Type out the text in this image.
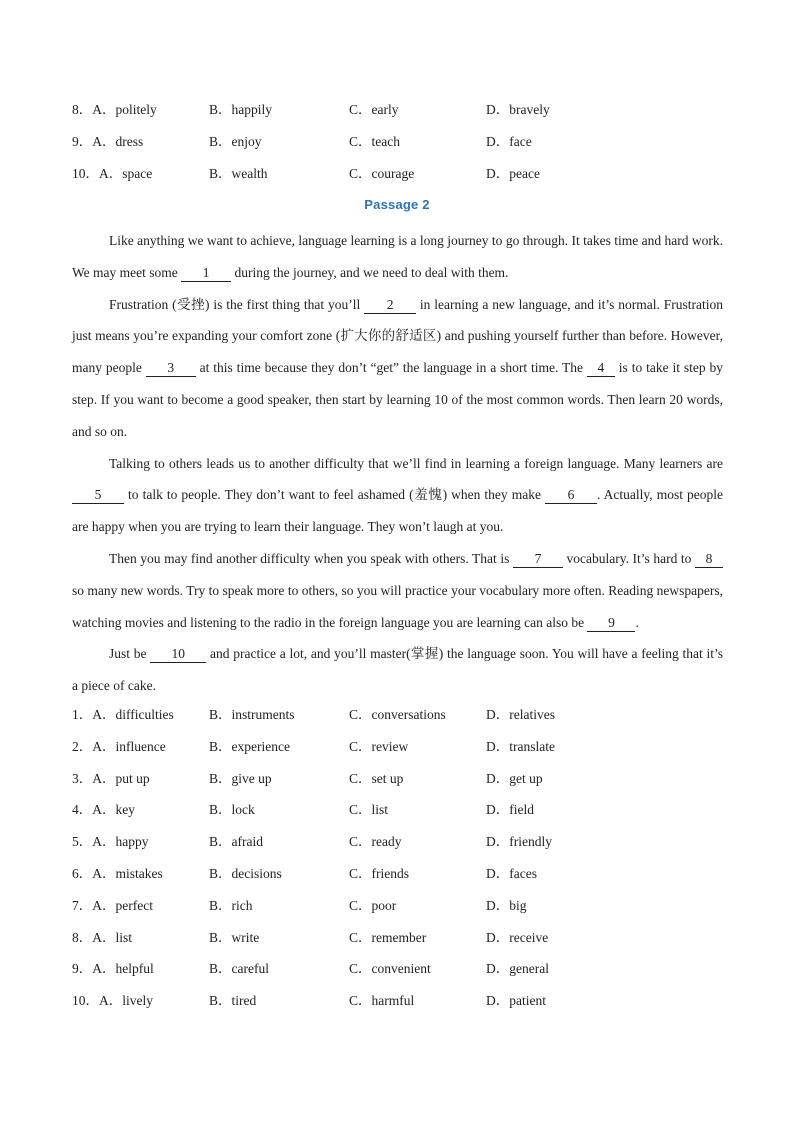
8．A．politely	B．happily	C．early	D．bravely
9．A．dress	B．enjoy	C．teach	D．face
10．A．space	B．wealth	C．courage	D．peace
Passage 2

Like anything we want to achieve, language learning is a long journey to go through. It takes time and hard work. We may meet some 1 during the journey, and we need to deal with them.

Frustration (受挫) is the first thing that you’ll 2 in learning a new language, and it’s normal. Frustration just means you’re expanding your comfort zone (扩大你的舒适区) and pushing yourself further than before. However, many people 3 at this time because they don’t “get” the language in a short time. The 4 is to take it step by step. If you want to become a good speaker, then start by learning 10 of the most common words. Then learn 20 words, and so on.

Talking to others leads us to another difficulty that we’ll find in learning a foreign language. Many learners are 5 to talk to people. They don’t want to feel ashamed (羞愧) when they make 6 . Actually, most people are happy when you are trying to learn their language. They won’t laugh at you.

Then you may find another difficulty when you speak with others. That is 7 vocabulary. It’s hard to 8 so many new words. Try to speak more to others, so you will practice your vocabulary more often. Reading newspapers, watching movies and listening to the radio in the foreign language you are learning can also be 9 .

Just be 10 and practice a lot, and you’ll master(掌握) the language soon. You will have a feeling that it’s a piece of cake.

1．A．difficulties	B．instruments	C．conversations	D．relatives
2．A．influence	B．experience	C．review	D．translate
3．A．put up	B．give up	C．set up	D．get up
4．A．key	B．lock	C．list	D．field
5．A．happy	B．afraid	C．ready	D．friendly
6．A．mistakes	B．decisions	C．friends	D．faces
7．A．perfect	B．rich	C．poor	D．big
8．A．list	B．write	C．remember	D．receive
9．A．helpful	B．careful	C．convenient	D．general
10．A．lively	B．tired	C．harmful	D．patient
